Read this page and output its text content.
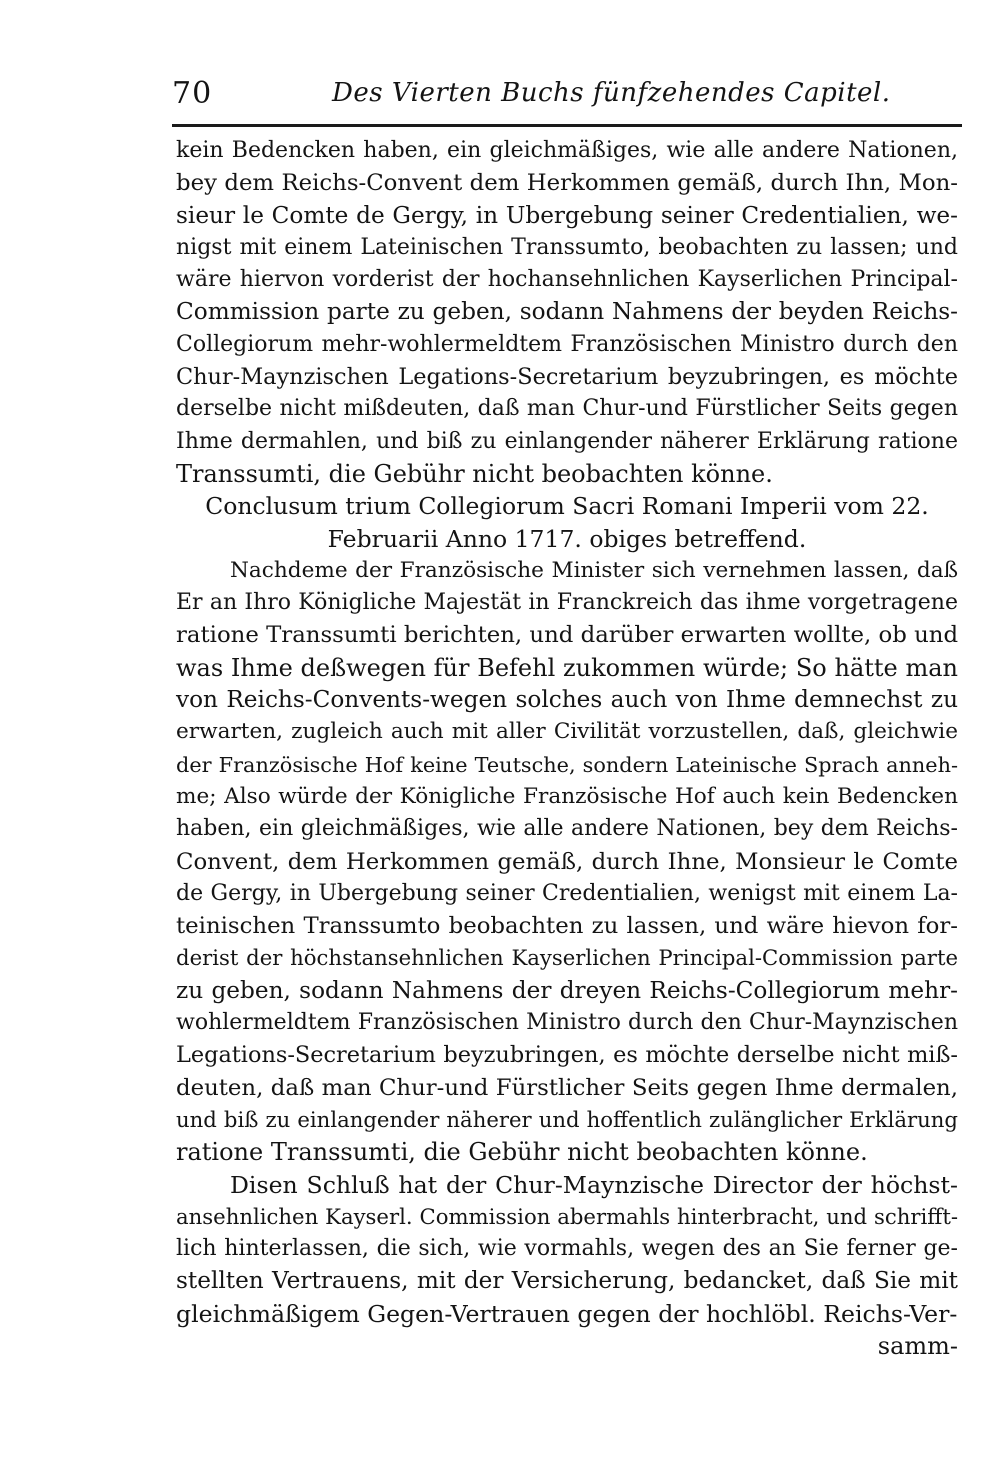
70	Des Vierten Buchs fünfzehendes Capitel.
kein Bedencken haben, ein gleichmäßiges, wie alle andere Nationen,
bey dem Reichs-Convent dem Herkommen gemäß, durch Ihn, Mon-
sieur le Comte de Gergy, in Ubergebung seiner Credentialien, we-
nigst mit einem Lateinischen Transsumto, beobachten zu lassen; und
wäre hiervon vorderist der hochansehnlichen Kayserlichen Principal-
Commission parte zu geben, sodann Nahmens der beyden Reichs-
Collegiorum mehr-wohlermeldtem Französischen Ministro durch den
Chur-Maynzischen Legations-Secretarium beyzubringen, es möchte
derselbe nicht mißdeuten, daß man Chur-und Fürstlicher Seits gegen
Ihme dermahlen, und biß zu einlangender näherer Erklärung ratione
Transsumti, die Gebühr nicht beobachten könne.
Conclusum trium Collegiorum Sacri Romani Imperii vom 22.
Februarii Anno 1717. obiges betreffend.
Nachdeme der Französische Minister sich vernehmen lassen, daß
Er an Ihro Königliche Majestät in Franckreich das ihme vorgetragene
ratione Transsumti berichten, und darüber erwarten wollte, ob und
was Ihme deßwegen für Befehl zukommen würde; So hätte man
von Reichs-Convents-wegen solches auch von Ihme demnechst zu
erwarten, zugleich auch mit aller Civilität vorzustellen, daß, gleichwie
der Französische Hof keine Teutsche, sondern Lateinische Sprach anneh-
me; Also würde der Königliche Französische Hof auch kein Bedencken
haben, ein gleichmäßiges, wie alle andere Nationen, bey dem Reichs-
Convent, dem Herkommen gemäß, durch Ihne, Monsieur le Comte
de Gergy, in Ubergebung seiner Credentialien, wenigst mit einem La-
teinischen Transsumto beobachten zu lassen, und wäre hievon for-
derist der höchstansehnlichen Kayserlichen Principal-Commission parte
zu geben, sodann Nahmens der dreyen Reichs-Collegiorum mehr-
wohlermeldtem Französischen Ministro durch den Chur-Maynzischen
Legations-Secretarium beyzubringen, es möchte derselbe nicht miß-
deuten, daß man Chur-und Fürstlicher Seits gegen Ihme dermalen,
und biß zu einlangender näherer und hoffentlich zulänglicher Erklärung
ratione Transsumti, die Gebühr nicht beobachten könne.
Disen Schluß hat der Chur-Maynzische Director der höchst-
ansehnlichen Kayserl. Commission abermahls hinterbracht, und schrifft-
lich hinterlassen, die sich, wie vormahls, wegen des an Sie ferner ge-
stellten Vertrauens, mit der Versicherung, bedancket, daß Sie mit
gleichmäßigem Gegen-Vertrauen gegen der hochlöbl. Reichs-Ver-
samm-
